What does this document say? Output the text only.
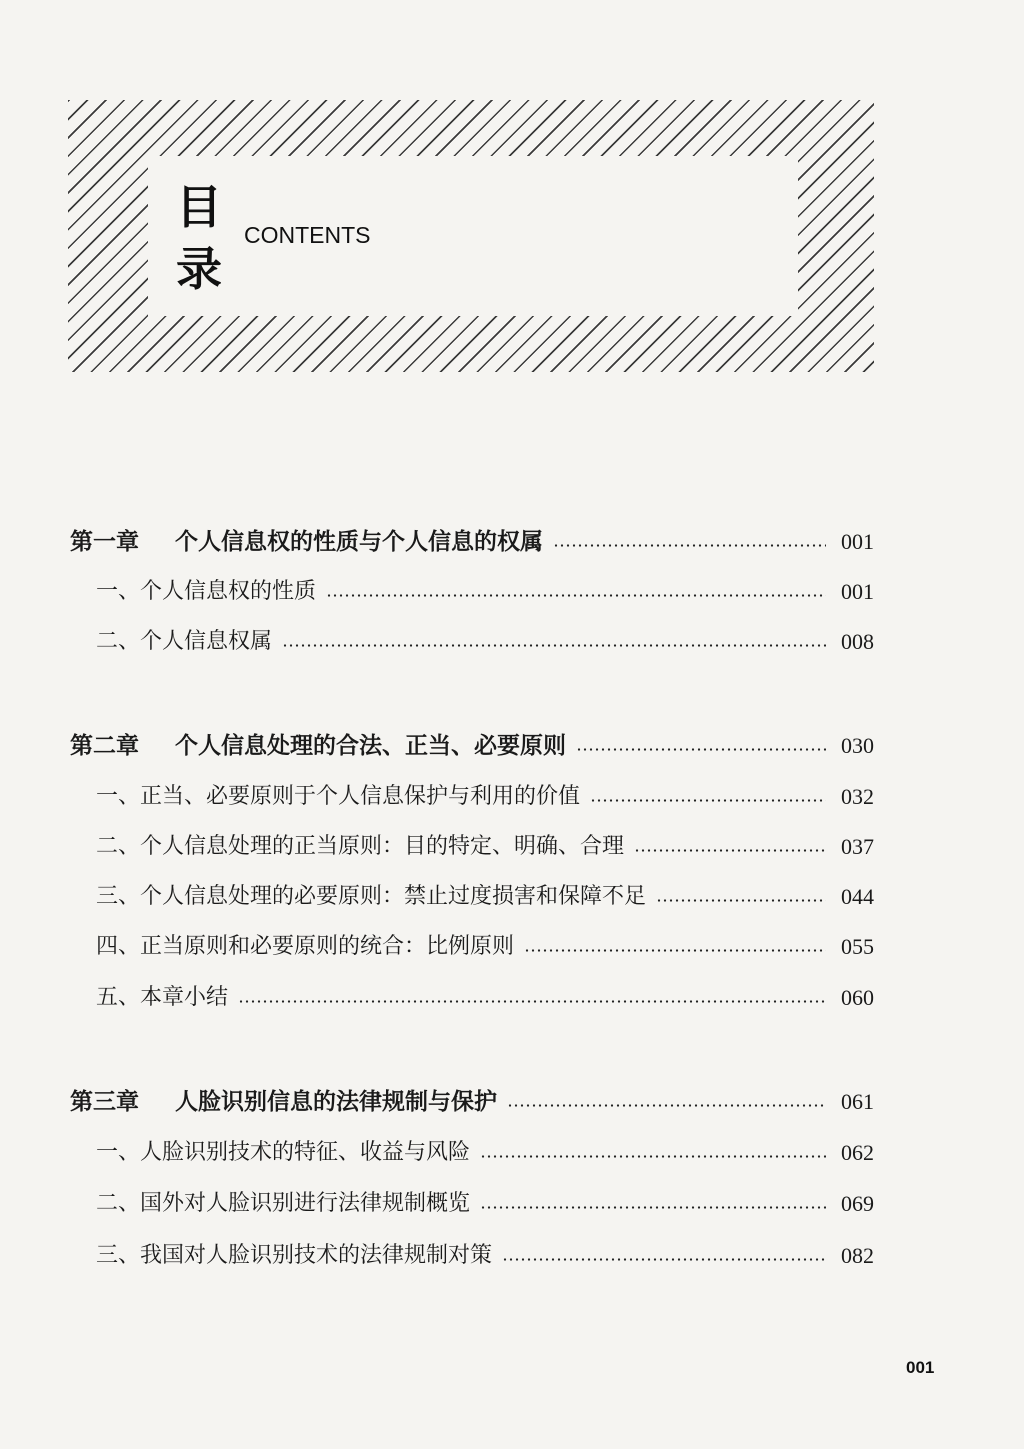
目
录
CONTENTS
第一章 个人信息权的性质与个人信息的权属	001
一、个人信息权的性质	001
二、个人信息权属	008
第二章 个人信息处理的合法、正当、必要原则	030
一、正当、必要原则于个人信息保护与利用的价值	032
二、个人信息处理的正当原则：目的特定、明确、合理	037
三、个人信息处理的必要原则：禁止过度损害和保障不足	044
四、正当原则和必要原则的统合：比例原则	055
五、本章小结	060
第三章 人脸识别信息的法律规制与保护	061
一、人脸识别技术的特征、收益与风险	062
二、国外对人脸识别进行法律规制概览	069
三、我国对人脸识别技术的法律规制对策	082
001
